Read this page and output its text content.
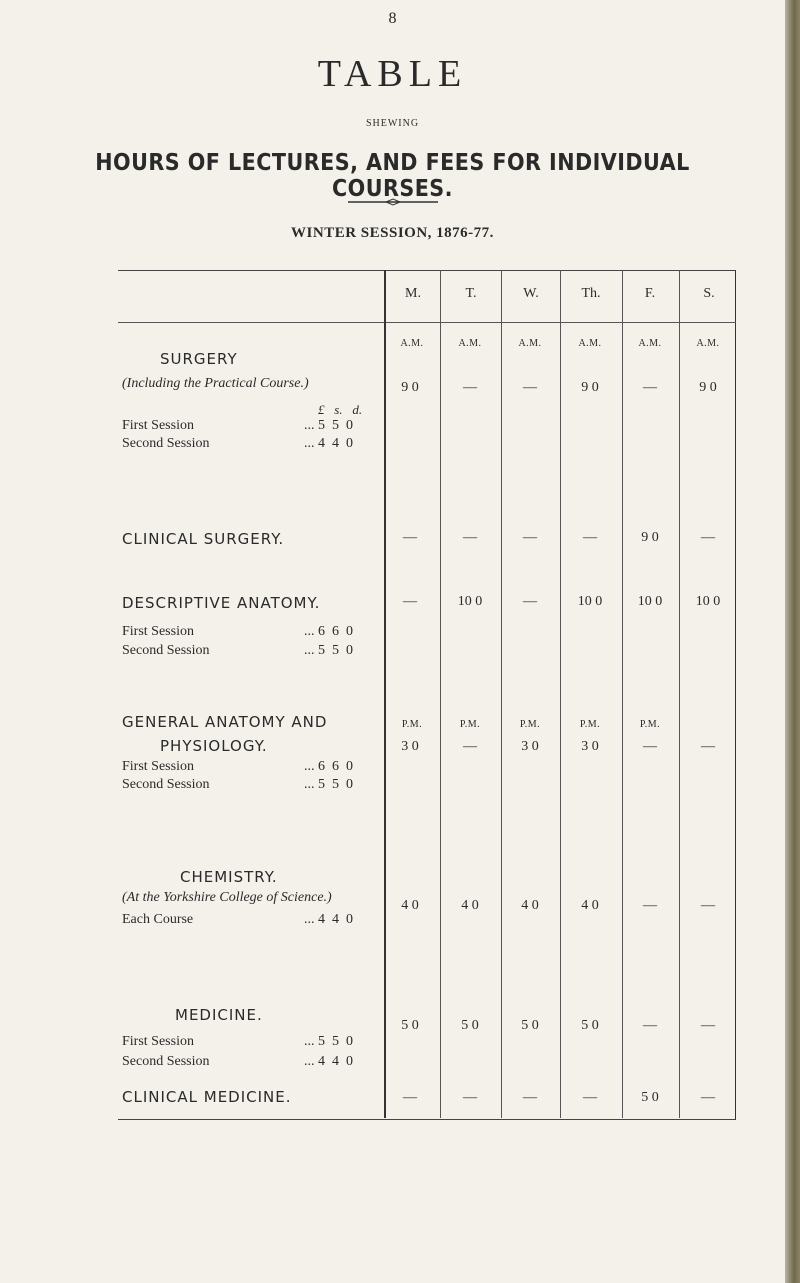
8
TABLE
SHEWING
HOURS OF LECTURES, AND FEES FOR INDIVIDUAL COURSES.
WINTER SESSION, 1876-77.
M.	T.	W.	Th.	F.	S.
A.M.	A.M.	A.M.	A.M.	A.M.	A.M.
SURGERY
(Including the Practical Course.)
£ s. d.
First Session	... 5  5  0
Second Session	... 4  4  0
9 0	—	—	9 0	—	9 0
CLINICAL SURGERY.	—	—	—	—	9 0	—
DESCRIPTIVE ANATOMY.
First Session	... 6  6  0
Second Session	... 5  5  0
—	10 0	—	10 0	10 0	10 0
GENERAL ANATOMY AND
PHYSIOLOGY.
First Session	... 6  6  0
Second Session	... 5  5  0
P.M.	P.M.	P.M.	P.M.	P.M.
3 0	—	3 0	3 0	—	—
CHEMISTRY.
(At the Yorkshire College of Science.)
Each Course	... 4  4  0
4 0	4 0	4 0	4 0	—	—
MEDICINE.
First Session	... 5  5  0
Second Session	... 4  4  0
5 0	5 0	5 0	5 0	—	—
CLINICAL MEDICINE.	—	—	—	—	5 0	—
